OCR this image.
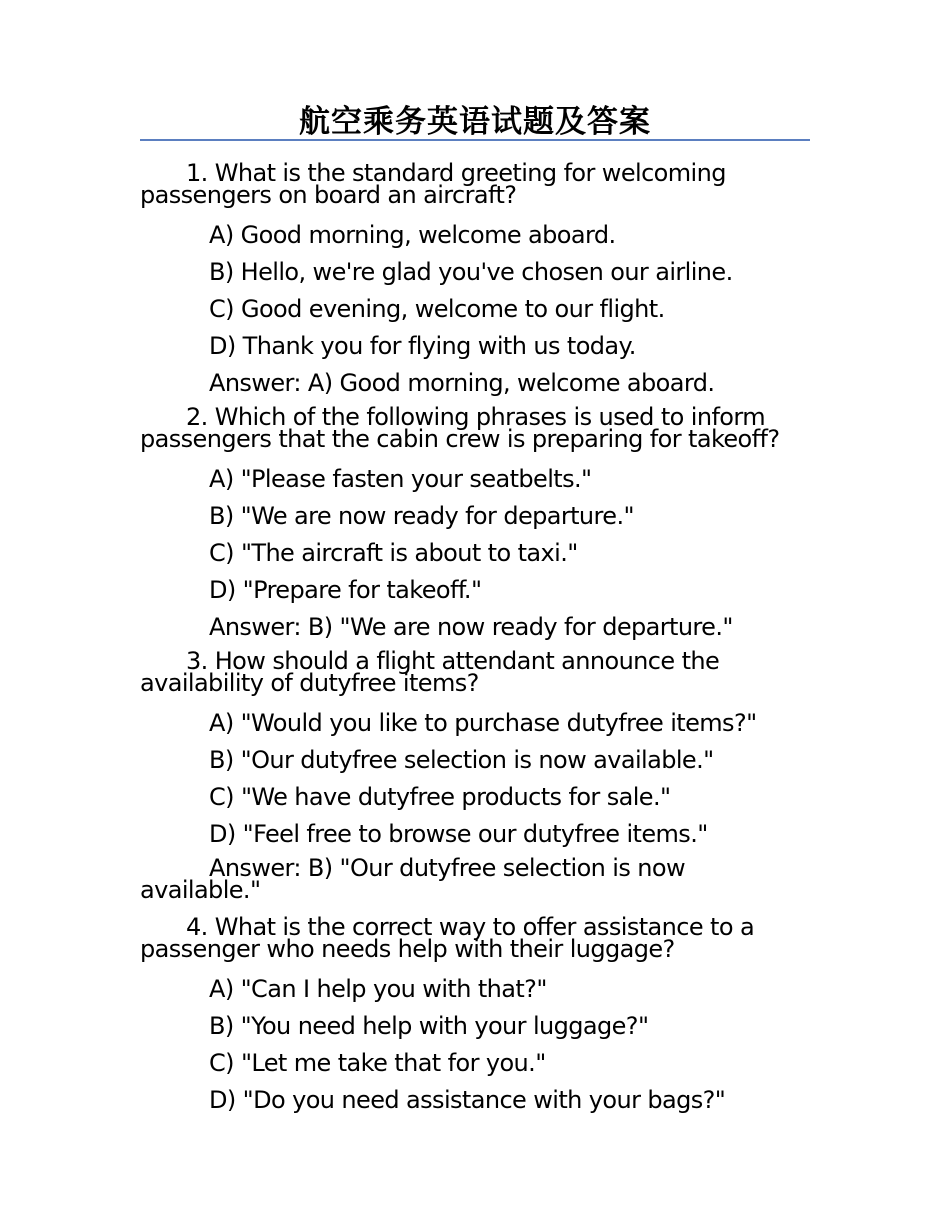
航空乘务英语试题及答案

1. What is the standard greeting for welcoming passengers on board an aircraft?

A) Good morning, welcome aboard.

B) Hello, we're glad you've chosen our airline.

C) Good evening, welcome to our flight.

D) Thank you for flying with us today.

Answer: A) Good morning, welcome aboard.

2. Which of the following phrases is used to inform passengers that the cabin crew is preparing for takeoff?

A) "Please fasten your seatbelts."

B) "We are now ready for departure."

C) "The aircraft is about to taxi."

D) "Prepare for takeoff."

Answer: B) "We are now ready for departure."

3. How should a flight attendant announce the availability of dutyfree items?

A) "Would you like to purchase dutyfree items?"

B) "Our dutyfree selection is now available."

C) "We have dutyfree products for sale."

D) "Feel free to browse our dutyfree items."

Answer: B) "Our dutyfree selection is now available."

4. What is the correct way to offer assistance to a passenger who needs help with their luggage?

A) "Can I help you with that?"

B) "You need help with your luggage?"

C) "Let me take that for you."

D) "Do you need assistance with your bags?"
